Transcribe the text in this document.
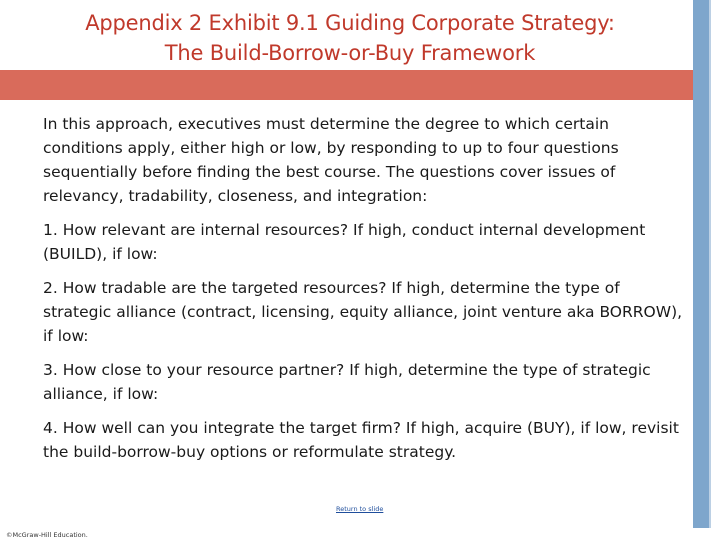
Appendix 2 Exhibit 9.1 Guiding Corporate Strategy:
The Build-Borrow-or-Buy Framework

In this approach, executives must determine the degree to which certain conditions apply, either high or low, by responding to up to four questions sequentially before finding the best course. The questions cover issues of relevancy, tradability, closeness, and integration:

1. How relevant are internal resources? If high, conduct internal development (BUILD), if low:

2. How tradable are the targeted resources? If high, determine the type of strategic alliance (contract, licensing, equity alliance, joint venture aka BORROW), if low:

3. How close to your resource partner? If high, determine the type of strategic alliance, if low:

4. How well can you integrate the target firm? If high, acquire (BUY), if low, revisit the build-borrow-buy options or reformulate strategy.

Return to slide
©McGraw-Hill Education.
